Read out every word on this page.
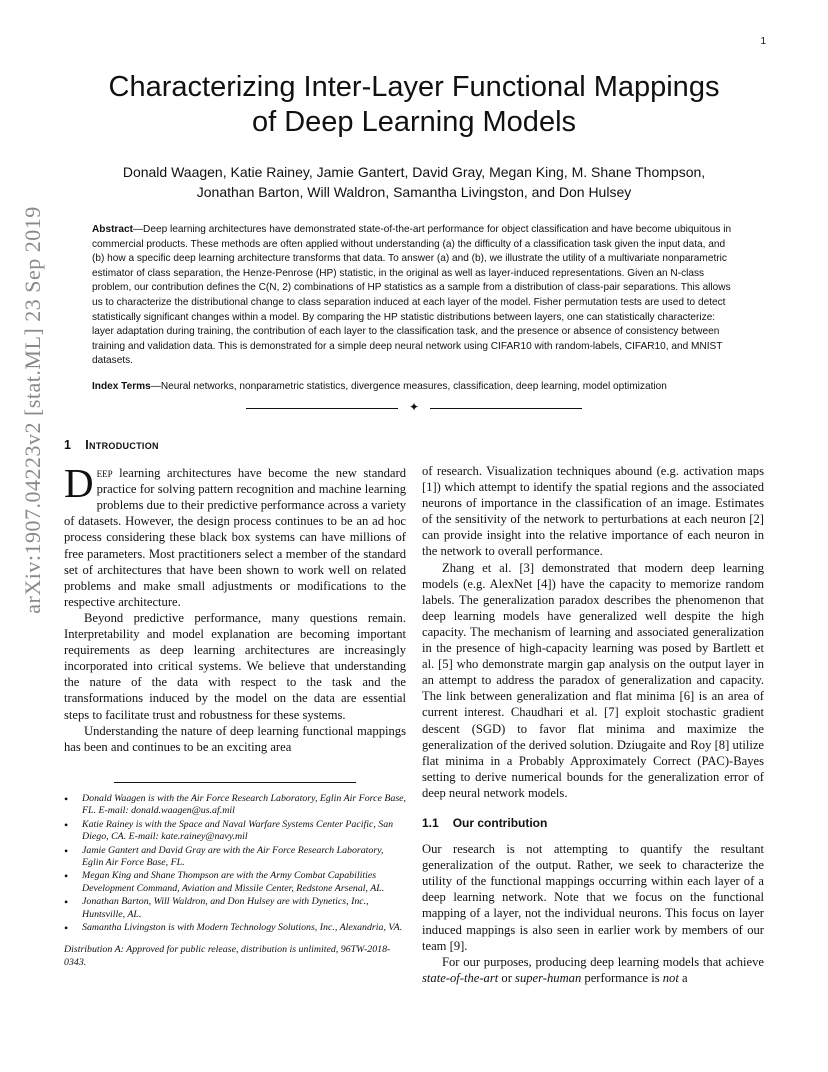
1
arXiv:1907.04223v2 [stat.ML] 23 Sep 2019
Characterizing Inter-Layer Functional Mappings
of Deep Learning Models
Donald Waagen, Katie Rainey, Jamie Gantert, David Gray, Megan King, M. Shane Thompson,
Jonathan Barton, Will Waldron, Samantha Livingston, and Don Hulsey
Abstract—Deep learning architectures have demonstrated state-of-the-art performance for object classification and have become ubiquitous in commercial products. These methods are often applied without understanding (a) the difficulty of a classification task given the input data, and (b) how a specific deep learning architecture transforms that data. To answer (a) and (b), we illustrate the utility of a multivariate nonparametric estimator of class separation, the Henze-Penrose (HP) statistic, in the original as well as layer-induced representations. Given an N-class problem, our contribution defines the C(N, 2) combinations of HP statistics as a sample from a distribution of class-pair separations. This allows us to characterize the distributional change to class separation induced at each layer of the model. Fisher permutation tests are used to detect statistically significant changes within a model. By comparing the HP statistic distributions between layers, one can statistically characterize: layer adaptation during training, the contribution of each layer to the classification task, and the presence or absence of consistency between training and validation data. This is demonstrated for a simple deep neural network using CIFAR10 with random-labels, CIFAR10, and MNIST datasets.
Index Terms—Neural networks, nonparametric statistics, divergence measures, classification, deep learning, model optimization
✦
1 Introduction

Deep learning architectures have become the new standard practice for solving pattern recognition and machine learning problems due to their predictive performance across a variety of datasets. However, the design process continues to be an ad hoc process considering these black box systems can have millions of free parameters. Most practitioners select a member of the standard set of architectures that have been shown to work well on related problems and make small adjustments or modifications to the respective architecture.

Beyond predictive performance, many questions remain. Interpretability and model explanation are becoming important requirements as deep learning architectures are increasingly incorporated into critical systems. We believe that understanding the nature of the data with respect to the task and the transformations induced by the model on the data are essential steps to facilitate trust and robustness for these systems.

Understanding the nature of deep learning functional mappings has been and continues to be an exciting area

• Donald Waagen is with the Air Force Research Laboratory, Eglin Air Force Base, FL. E-mail: donald.waagen@us.af.mil
• Katie Rainey is with the Space and Naval Warfare Systems Center Pacific, San Diego, CA. E-mail: kate.rainey@navy.mil
• Jamie Gantert and David Gray are with the Air Force Research Laboratory, Eglin Air Force Base, FL.
• Megan King and Shane Thompson are with the Army Combat Capabilities Development Command, Aviation and Missile Center, Redstone Arsenal, AL.
• Jonathan Barton, Will Waldron, and Don Hulsey are with Dynetics, Inc., Huntsville, AL.
• Samantha Livingston is with Modern Technology Solutions, Inc., Alexandria, VA.
Distribution A: Approved for public release, distribution is unlimited, 96TW-2018-0343.

of research. Visualization techniques abound (e.g. activation maps [1]) which attempt to identify the spatial regions and the associated neurons of importance in the classification of an image. Estimates of the sensitivity of the network to perturbations at each neuron [2] can provide insight into the relative importance of each neuron in the network to overall performance.

Zhang et al. [3] demonstrated that modern deep learning models (e.g. AlexNet [4]) have the capacity to memorize random labels. The generalization paradox describes the phenomenon that deep learning models have generalized well despite the high capacity. The mechanism of learning and associated generalization in the presence of high-capacity learning was posed by Bartlett et al. [5] who demonstrate margin gap analysis on the output layer in an attempt to address the paradox of generalization and capacity. The link between generalization and flat minima [6] is an area of current interest. Chaudhari et al. [7] exploit stochastic gradient descent (SGD) to favor flat minima and maximize the generalization of the derived solution. Dziugaite and Roy [8] utilize flat minima in a Probably Approximately Correct (PAC)-Bayes setting to derive numerical bounds for the generalization error of deep neural network models.

1.1 Our contribution

Our research is not attempting to quantify the resultant generalization of the output. Rather, we seek to characterize the utility of the functional mappings occurring within each layer of a deep learning network. Note that we focus on the functional mapping of a layer, not the individual neurons. This focus on layer induced mappings is also seen in earlier work by members of our team [9].

For our purposes, producing deep learning models that achieve state-of-the-art or super-human performance is not a
